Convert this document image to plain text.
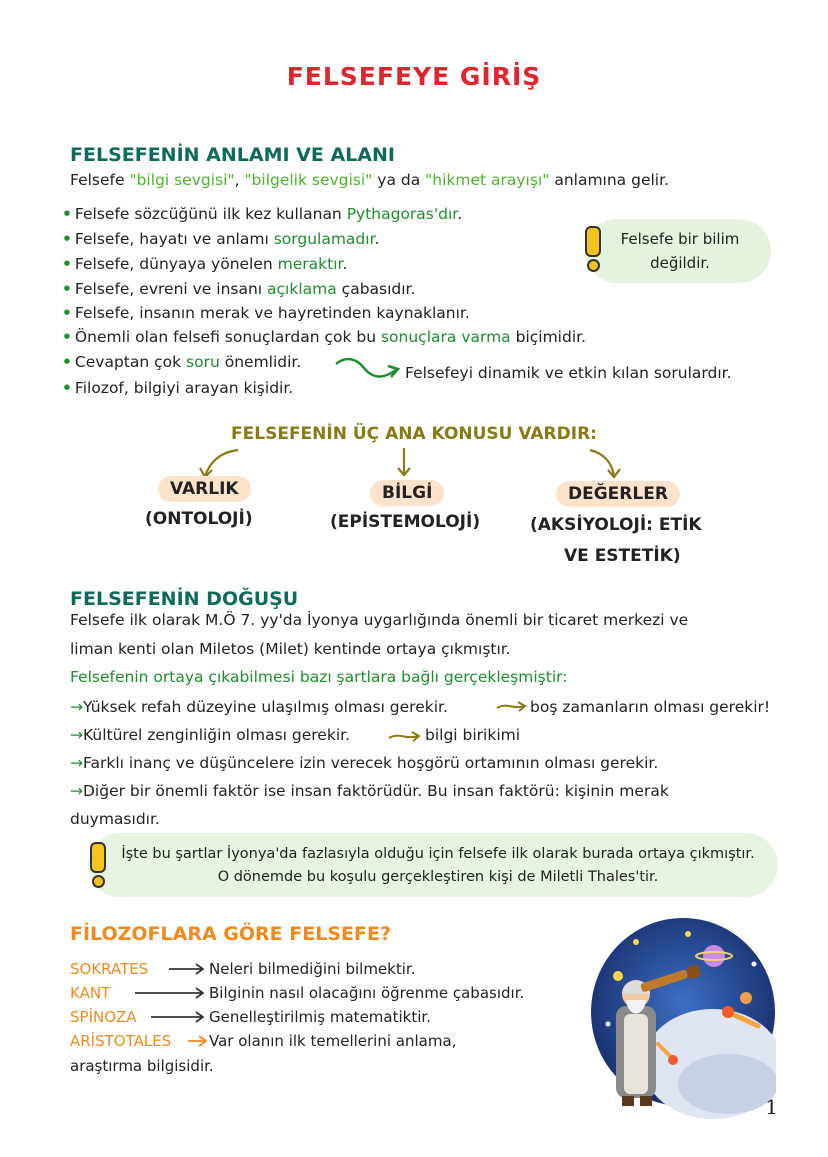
FELSEFEYE GİRİŞ
FELSEFENİN ANLAMI VE ALANI
Felsefe "bilgi sevgisi", "bilgelik sevgisi" ya da "hikmet arayışı" anlamına gelir.
• Felsefe sözcüğünü ilk kez kullanan Pythagoras'dır.
• Felsefe, hayatı ve anlamı sorgulamadır.
• Felsefe, dünyaya yönelen meraktır.
• Felsefe, evreni ve insanı açıklama çabasıdır.
• Felsefe, insanın merak ve hayretinden kaynaklanır.
• Önemli olan felsefi sonuçlardan çok bu sonuçlara varma biçimidir.
• Cevaptan çok soru önemlidir.
• Filozof, bilgiyi arayan kişidir.
Felsefeyi dinamik ve etkin kılan sorulardır.
Felsefe bir bilim değildir.
FELSEFENİN ÜÇ ANA KONUSU VARDIR:
VARLIK
(ONTOLOJİ)
BİLGİ
(EPİSTEMOLOJİ)
DEĞERLER
(AKSİYOLOJİ: ETİK
VE ESTETİK)
FELSEFENİN DOĞUŞU
Felsefe ilk olarak M.Ö 7. yy'da İyonya uygarlığında önemli bir ticaret merkezi ve
liman kenti olan Miletos (Milet) kentinde ortaya çıkmıştır.
Felsefenin ortaya çıkabilmesi bazı şartlara bağlı gerçekleşmiştir:
→Yüksek refah düzeyine ulaşılmış olması gerekir.	boş zamanların olması gerekir!
→Kültürel zenginliğin olması gerekir.	bilgi birikimi
→Farklı inanç ve düşüncelere izin verecek hoşgörü ortamının olması gerekir.
→Diğer bir önemli faktör ise insan faktörüdür. Bu insan faktörü: kişinin merak
duymasıdır.
İşte bu şartlar İyonya'da fazlasıyla olduğu için felsefe ilk olarak burada ortaya çıkmıştır. O dönemde bu koşulu gerçekleştiren kişi de Miletli Thales'tir.
FİLOZOFLARA GÖRE FELSEFE?
SOKRATES	Neleri bilmediğini bilmektir.
KANT	Bilginin nasıl olacağını öğrenme çabasıdır.
SPİNOZA	Genelleştirilmiş matematiktir.
ARİSTOTALES	Var olanın ilk temellerini anlama,
araştırma bilgisidir.
1
